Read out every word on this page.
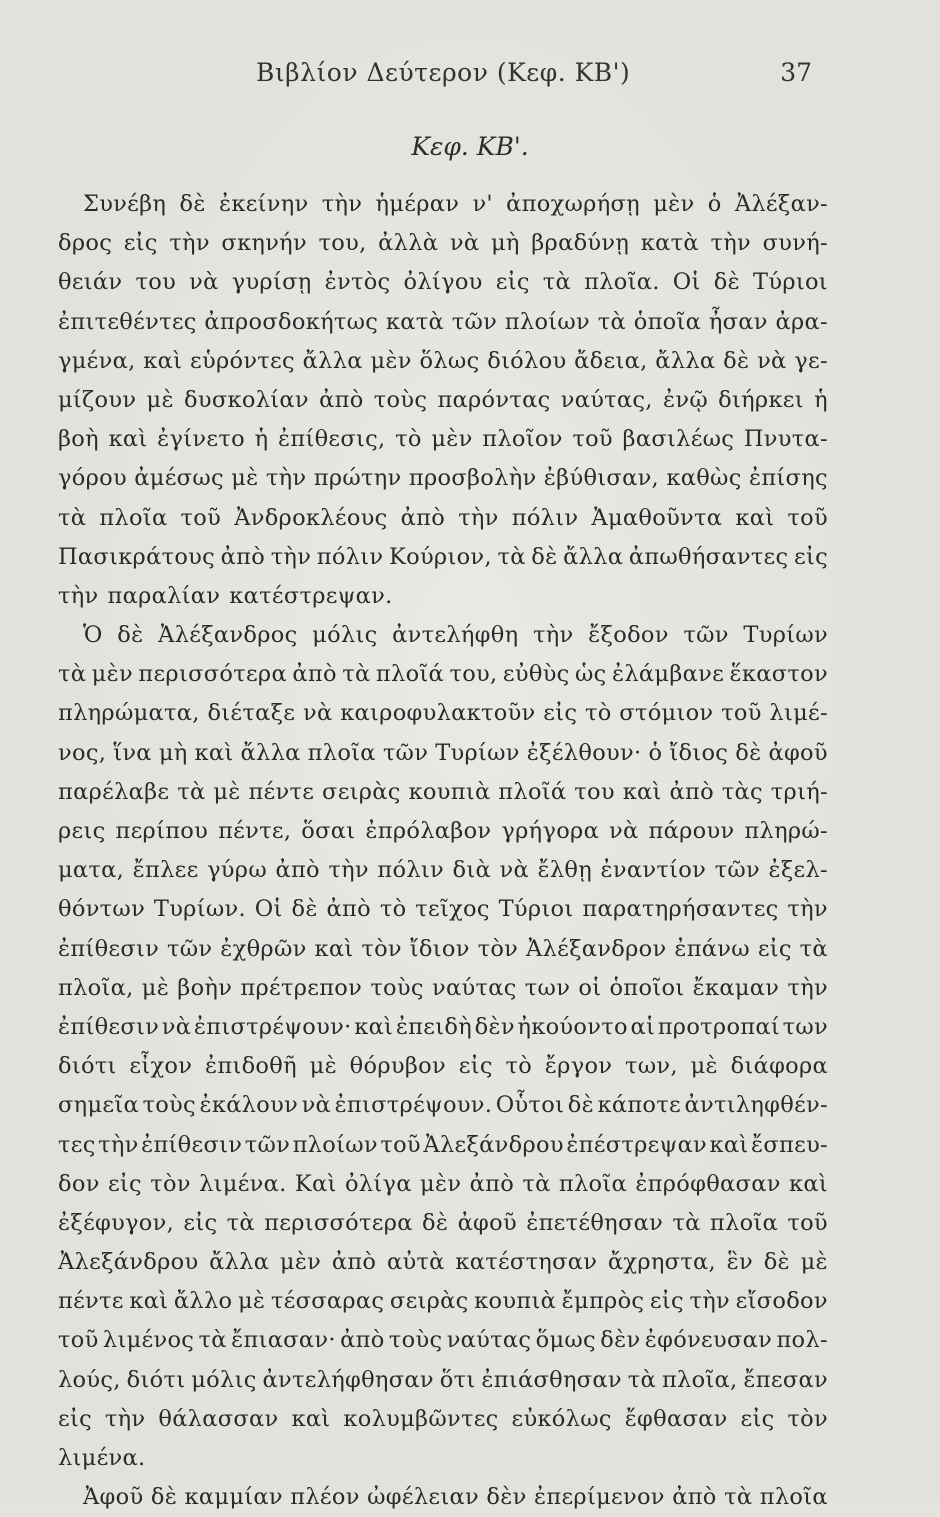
Βιβλίον Δεύτερον (Κεφ. ΚΒ')	37
Κεφ. ΚΒ'.
Συνέβη δὲ ἐκείνην τὴν ἡμέραν ν' ἀποχωρήσῃ μὲν ὁ Ἀλέξαν-
δρος εἰς τὴν σκηνήν του, ἀλλὰ νὰ μὴ βραδύνῃ κατὰ τὴν συνή-
θειάν του νὰ γυρίσῃ ἐντὸς ὀλίγου εἰς τὰ πλοῖα. Οἱ δὲ Τύριοι
ἐπιτεθέντες ἀπροσδοκήτως κατὰ τῶν πλοίων τὰ ὁποῖα ἦσαν ἀρα-
γμένα, καὶ εὑρόντες ἄλλα μὲν ὅλως διόλου ἄδεια, ἄλλα δὲ νὰ γε-
μίζουν μὲ δυσκολίαν ἀπὸ τοὺς παρόντας ναύτας, ἐνῷ διήρκει ἡ
βοὴ καὶ ἐγίνετο ἡ ἐπίθεσις, τὸ μὲν πλοῖον τοῦ βασιλέως Πνυτα-
γόρου ἀμέσως μὲ τὴν πρώτην προσβολὴν ἐβύθισαν, καθὼς ἐπίσης
τὰ πλοῖα τοῦ Ἀνδροκλέους ἀπὸ τὴν πόλιν Ἀμαθοῦντα καὶ τοῦ
Πασικράτους ἀπὸ τὴν πόλιν Κούριον, τὰ δὲ ἄλλα ἀπωθήσαντες εἰς
τὴν παραλίαν κατέστρεψαν.
Ὁ δὲ Ἀλέξανδρος μόλις ἀντελήφθη τὴν ἔξοδον τῶν Τυρίων
τὰ μὲν περισσότερα ἀπὸ τὰ πλοῖά του, εὐθὺς ὡς ἐλάμβανε ἕκαστον
πληρώματα, διέταξε νὰ καιροφυλακτοῦν εἰς τὸ στόμιον τοῦ λιμέ-
νος, ἵνα μὴ καὶ ἄλλα πλοῖα τῶν Τυρίων ἐξέλθουν· ὁ ἴδιος δὲ ἀφοῦ
παρέλαβε τὰ μὲ πέντε σειρὰς κουπιὰ πλοῖά του καὶ ἀπὸ τὰς τριή-
ρεις περίπου πέντε, ὅσαι ἐπρόλαβον γρήγορα νὰ πάρουν πληρώ-
ματα, ἔπλεε γύρω ἀπὸ τὴν πόλιν διὰ νὰ ἔλθῃ ἐναντίον τῶν ἐξελ-
θόντων Τυρίων. Οἱ δὲ ἀπὸ τὸ τεῖχος Τύριοι παρατηρήσαντες τὴν
ἐπίθεσιν τῶν ἐχθρῶν καὶ τὸν ἴδιον τὸν Ἀλέξανδρον ἐπάνω εἰς τὰ
πλοῖα, μὲ βοὴν πρέτρεπον τοὺς ναύτας των οἱ ὁποῖοι ἔκαμαν τὴν
ἐπίθεσιν νὰ ἐπιστρέψουν· καὶ ἐπειδὴ δὲν ἠκούοντο αἱ προτροπαί των
διότι εἶχον ἐπιδοθῆ μὲ θόρυβον εἰς τὸ ἔργον των, μὲ διάφορα
σημεῖα τοὺς ἐκάλουν νὰ ἐπιστρέψουν. Οὗτοι δὲ κάποτε ἀντιληφθέν-
τες τὴν ἐπίθεσιν τῶν πλοίων τοῦ Ἀλεξάνδρου ἐπέστρεψαν καὶ ἔσπευ-
δον εἰς τὸν λιμένα. Καὶ ὀλίγα μὲν ἀπὸ τὰ πλοῖα ἐπρόφθασαν καὶ
ἐξέφυγον, εἰς τὰ περισσότερα δὲ ἀφοῦ ἐπετέθησαν τὰ πλοῖα τοῦ
Ἀλεξάνδρου ἄλλα μὲν ἀπὸ αὐτὰ κατέστησαν ἄχρηστα, ἓν δὲ μὲ
πέντε καὶ ἄλλο μὲ τέσσαρας σειρὰς κουπιὰ ἔμπρὸς εἰς τὴν εἴσοδον
τοῦ λιμένος τὰ ἔπιασαν· ἀπὸ τοὺς ναύτας ὅμως δὲν ἐφόνευσαν πολ-
λούς, διότι μόλις ἀντελήφθησαν ὅτι ἐπιάσθησαν τὰ πλοῖα, ἔπεσαν
εἰς τὴν θάλασσαν καὶ κολυμβῶντες εὐκόλως ἔφθασαν εἰς τὸν
λιμένα.
Ἀφοῦ δὲ καμμίαν πλέον ὠφέλειαν δὲν ἐπερίμενον ἀπὸ τὰ πλοῖα
